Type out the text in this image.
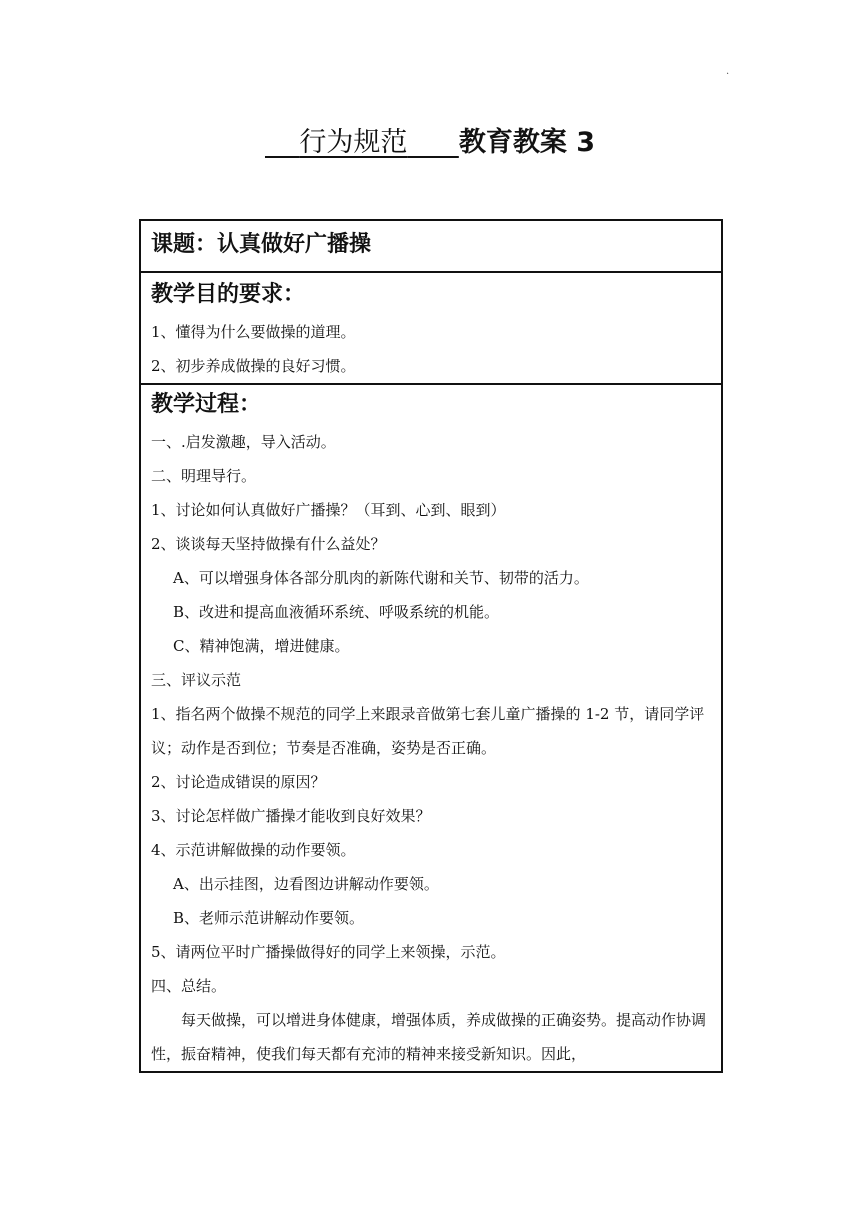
.
行为规范 教育教案 3
课题：认真做好广播操

教学目的要求：
1、懂得为什么要做操的道理。
2、初步养成做操的良好习惯。

教学过程：
一、.启发激趣，导入活动。
二、明理导行。
1、讨论如何认真做好广播操？（耳到、心到、眼到）
2、谈谈每天坚持做操有什么益处？
A、可以增强身体各部分肌肉的新陈代谢和关节、韧带的活力。
B、改进和提高血液循环系统、呼吸系统的机能。
C、精神饱满，增进健康。
三、评议示范
1、指名两个做操不规范的同学上来跟录音做第七套儿童广播操的 1-2 节，请同学评议；动作是否到位；节奏是否准确，姿势是否正确。
2、讨论造成错误的原因？
3、讨论怎样做广播操才能收到良好效果？
4、示范讲解做操的动作要领。
A、出示挂图，边看图边讲解动作要领。
B、老师示范讲解动作要领。
5、请两位平时广播操做得好的同学上来领操，示范。
四、总结。
每天做操，可以增进身体健康，增强体质，养成做操的正确姿势。提高动作协调性，振奋精神，使我们每天都有充沛的精神来接受新知识。因此，
